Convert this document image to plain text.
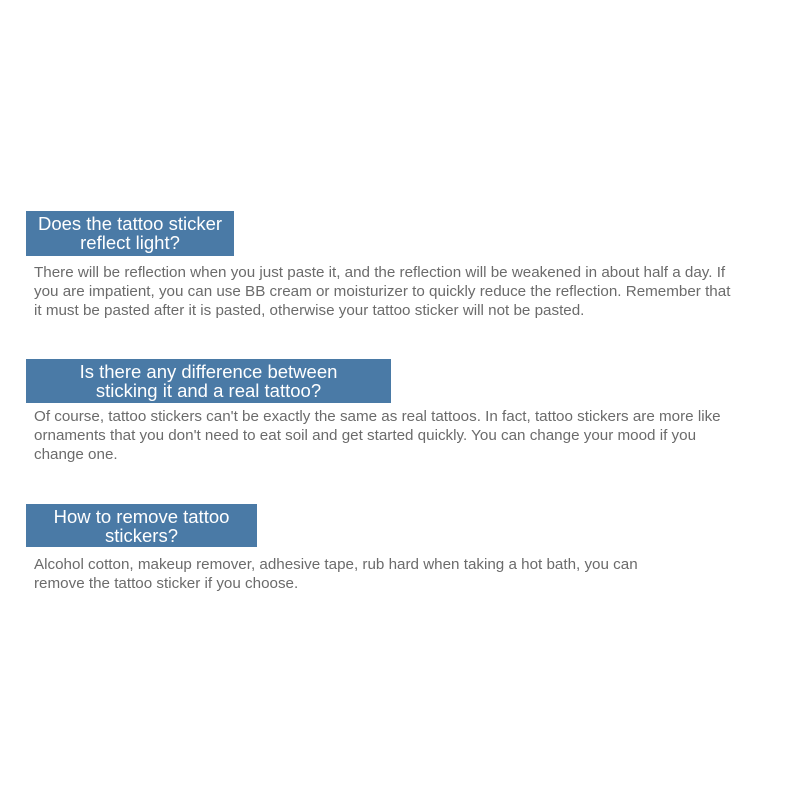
Does the tattoo sticker
reflect light?

There will be reflection when you just paste it, and the reflection will be weakened in about half a day. If
you are impatient, you can use BB cream or moisturizer to quickly reduce the reflection. Remember that
it must be pasted after it is pasted, otherwise your tattoo sticker will not be pasted.

Is there any difference between
sticking it and a real tattoo?

Of course, tattoo stickers can't be exactly the same as real tattoos. In fact, tattoo stickers are more like
ornaments that you don't need to eat soil and get started quickly. You can change your mood if you
change one.

How to remove tattoo
stickers?

Alcohol cotton, makeup remover, adhesive tape, rub hard when taking a hot bath, you can
remove the tattoo sticker if you choose.
